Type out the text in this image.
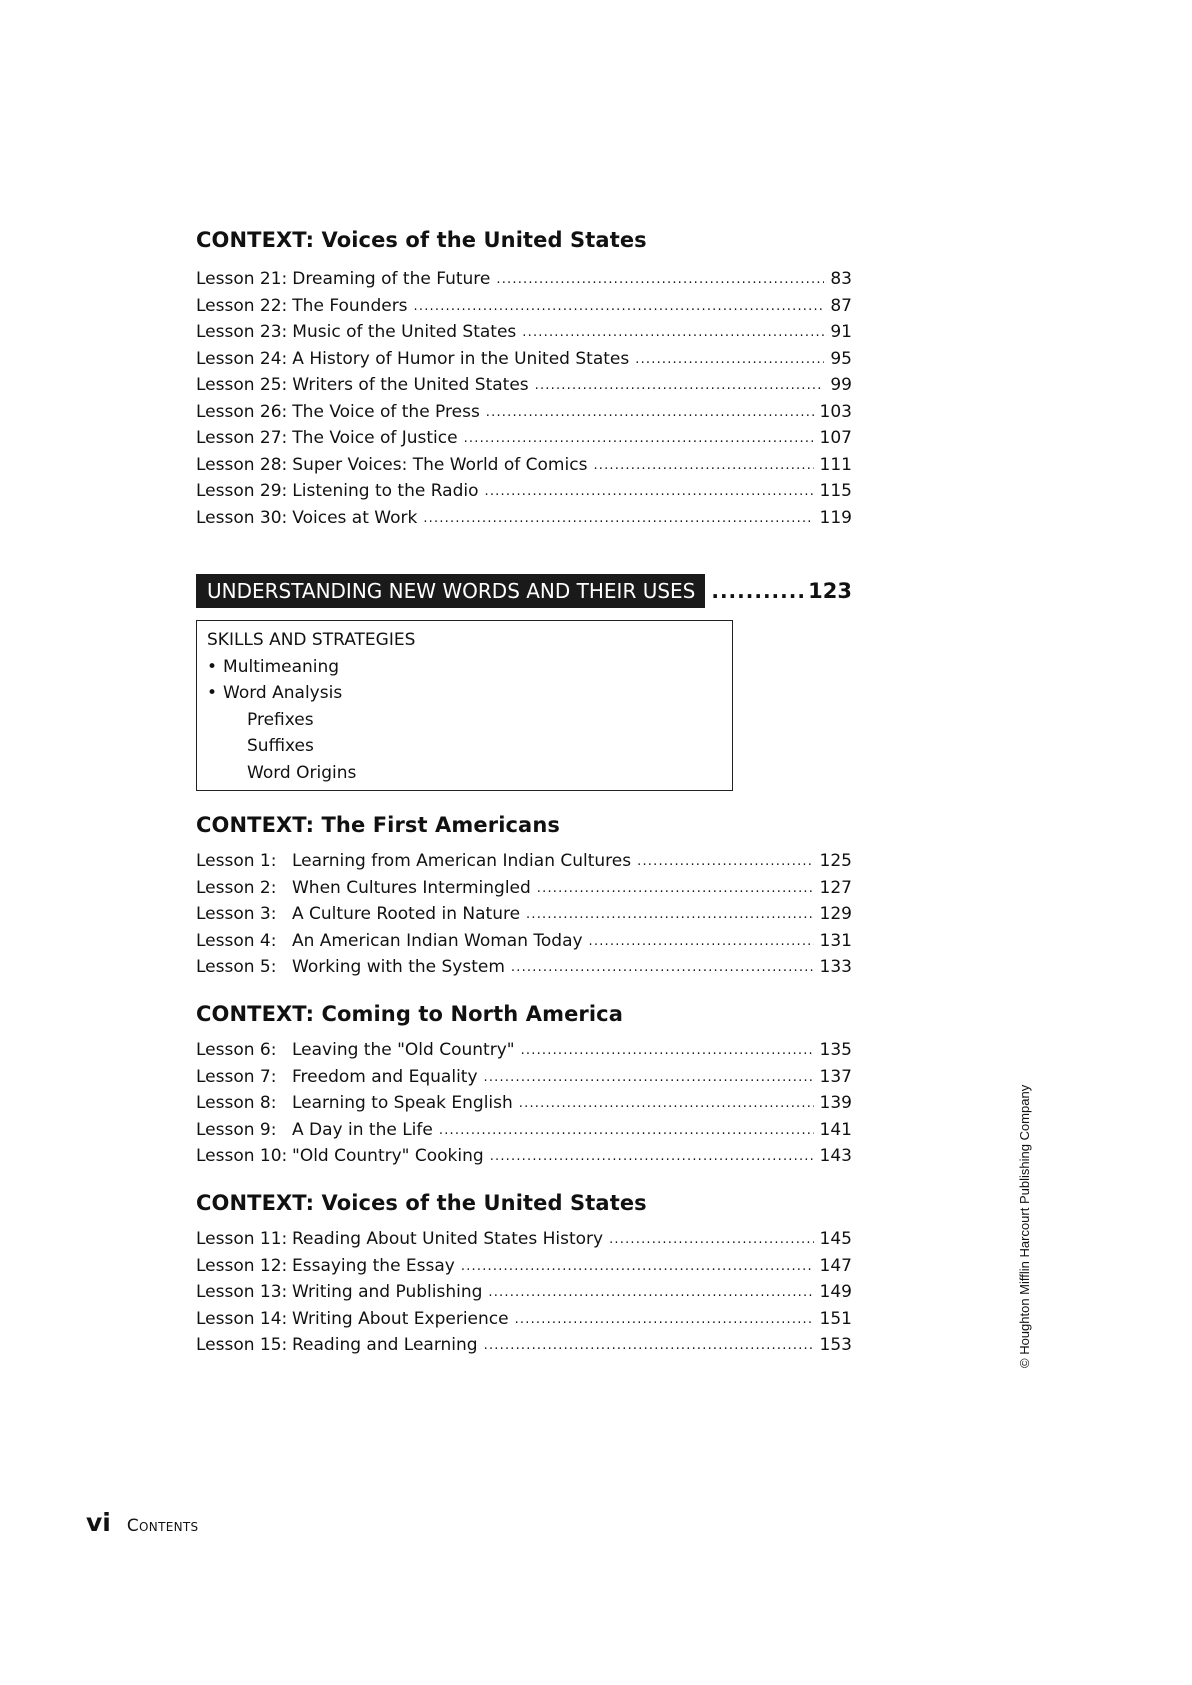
CONTEXT: Voices of the United States
Lesson 21: Dreaming of the Future .....	83
Lesson 22: The Founders .....	87
Lesson 23: Music of the United States .....	91
Lesson 24: A History of Humor in the United States .....	95
Lesson 25: Writers of the United States .....	99
Lesson 26: The Voice of the Press .....	103
Lesson 27: The Voice of Justice .....	107
Lesson 28: Super Voices: The World of Comics .....	111
Lesson 29: Listening to the Radio .....	115
Lesson 30: Voices at Work .....	119
UNDERSTANDING NEW WORDS AND THEIR USES .....	123
SKILLS AND STRATEGIES
• Multimeaning
• Word Analysis
Prefixes
Suffixes
Word Origins
CONTEXT: The First Americans
Lesson 1: Learning from American Indian Cultures .....	125
Lesson 2: When Cultures Intermingled .....	127
Lesson 3: A Culture Rooted in Nature .....	129
Lesson 4: An American Indian Woman Today .....	131
Lesson 5: Working with the System .....	133
CONTEXT: Coming to North America
Lesson 6: Leaving the "Old Country" .....	135
Lesson 7: Freedom and Equality .....	137
Lesson 8: Learning to Speak English .....	139
Lesson 9: A Day in the Life .....	141
Lesson 10: "Old Country" Cooking .....	143
CONTEXT: Voices of the United States
Lesson 11: Reading About United States History .....	145
Lesson 12: Essaying the Essay .....	147
Lesson 13: Writing and Publishing .....	149
Lesson 14: Writing About Experience .....	151
Lesson 15: Reading and Learning .....	153	© Houghton Mifflin Harcourt Publishing Company
vi Contents
